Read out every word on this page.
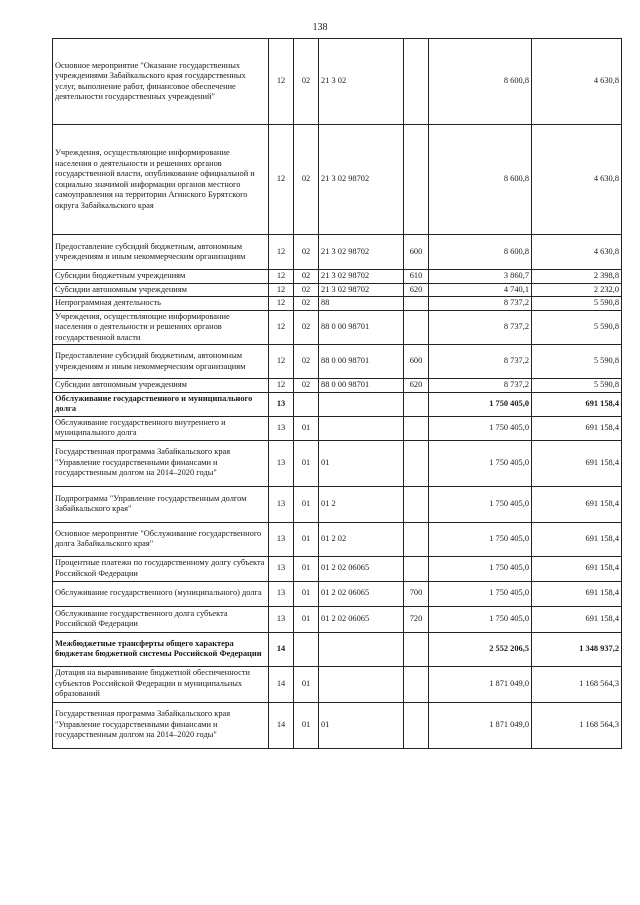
138
Основное мероприятие "Оказание государственных учреждениями Забайкальского края государственных услуг, выполнение работ, финансовое обеспечение деятельности государственных учреждений"	12	02	21 3 02		8 600,8	4 630,8
Учреждения, осуществляющие информирование населения о деятельности и решениях органов государственной власти, опубликование официальной и социально значимой информации органов местного самоуправления на территории Агинского Бурятского округа Забайкальского края	12	02	21 3 02 98702		8 600,8	4 630,8
Предоставление субсидий бюджетным, автономным учреждениям и иным некоммерческим организациям	12	02	21 3 02 98702	600	8 600,8	4 630,8
Субсидии бюджетным учреждениям	12	02	21 3 02 98702	610	3 860,7	2 398,8
Субсидии автономным учреждениям	12	02	21 3 02 98702	620	4 740,1	2 232,0
Непрограммная деятельность	12	02	88		8 737,2	5 590,8
Учреждения, осуществляющие информирование населения о деятельности и решениях органов государственной власти	12	02	88 0 00 98701		8 737,2	5 590,8
Предоставление субсидий бюджетным, автономным учреждениям и иным некоммерческим организациям	12	02	88 0 00 98701	600	8 737,2	5 590,8
Субсидии автономным учреждениям	12	02	88 0 00 98701	620	8 737,2	5 590,8
Обслуживание государственного и муниципального долга	13				1 750 405,0	691 158,4
Обслуживание государственного внутреннего и муниципального долга	13	01			1 750 405,0	691 158,4
Государственная программа Забайкальского края "Управление государственными финансами и государственным долгом на 2014–2020 годы"	13	01	01		1 750 405,0	691 158,4
Подпрограмма "Управление государственным долгом Забайкальского края"	13	01	01 2		1 750 405,0	691 158,4
Основное мероприятие "Обслуживание государственного долга Забайкальского края"	13	01	01 2 02		1 750 405,0	691 158,4
Процентные платежи по государственному долгу субъекта Российской Федерации	13	01	01 2 02 06065		1 750 405,0	691 158,4
Обслуживание государственного (муниципального) долга	13	01	01 2 02 06065	700	1 750 405,0	691 158,4
Обслуживание государственного долга субъекта Российской Федерации	13	01	01 2 02 06065	720	1 750 405,0	691 158,4
Межбюджетные трансферты общего характера бюджетам бюджетной системы Российской Федерации	14				2 552 206,5	1 348 937,2
Дотация на выравнивание бюджетной обеспеченности субъектов Российской Федерации и муниципальных образований	14	01			1 871 049,0	1 168 564,3
Государственная программа Забайкальского края "Управление государственными финансами и государственным долгом на 2014–2020 годы"	14	01	01		1 871 049,0	1 168 564,3
